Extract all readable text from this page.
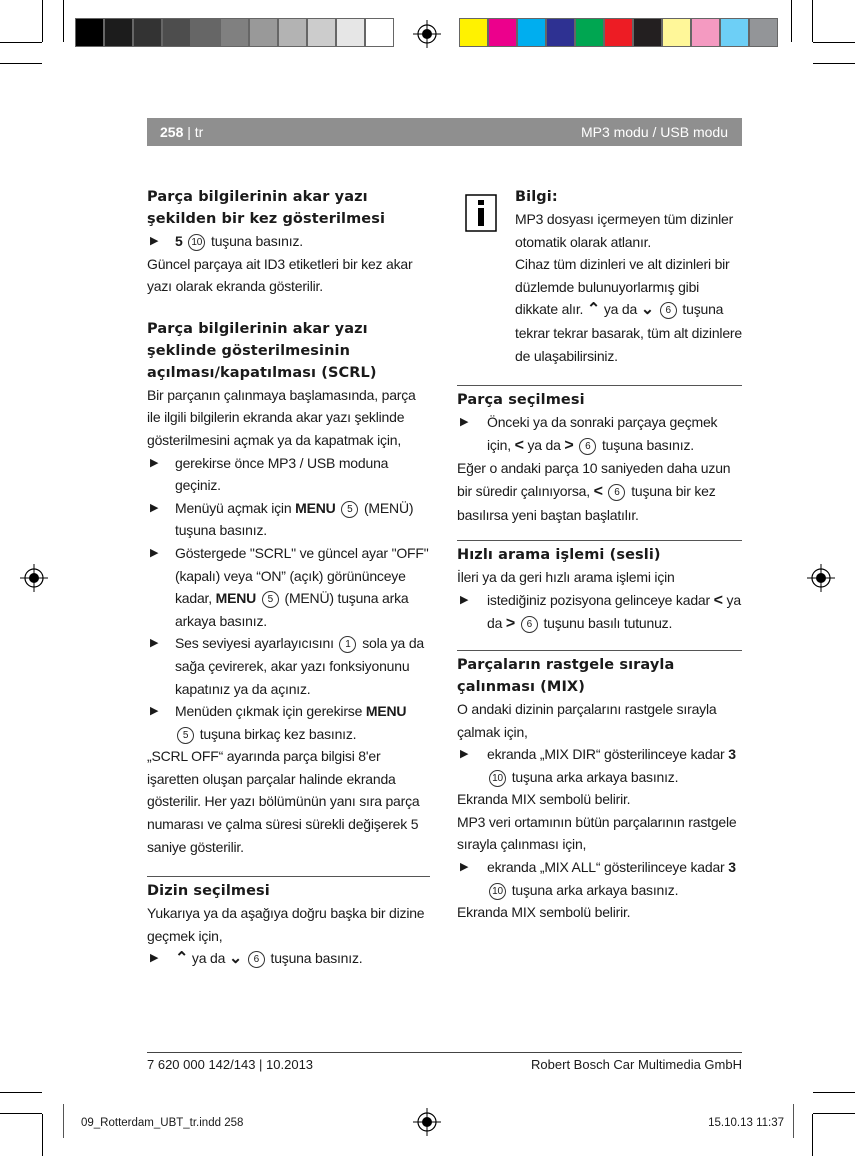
258 | tr	MP3 modu / USB modu
Parça bilgilerinin akar yazı şekilden bir kez gösterilmesi
▶ 5 10 tuşuna basınız.

Güncel parçaya ait ID3 etiketleri bir kez akar yazı olarak ekranda gösterilir.

Parça bilgilerinin akar yazı şeklinde gösterilmesinin açılması/kapatılması (SCRL)

Bir parçanın çalınmaya başlamasında, parça ile ilgili bilgilerin ekranda akar yazı şeklinde gösterilmesini açmak ya da kapatmak için,

▶ gerekirse önce MP3 / USB moduna geçiniz.
▶ Menüyü açmak için MENU 5 (MENÜ) tuşuna basınız.
▶ Göstergede "SCRL" ve güncel ayar "OFF" (kapalı) veya “ON” (açık) görününceye kadar, MENU 5 (MENÜ) tuşuna arka arkaya basınız.
▶ Ses seviyesi ayarlayıcısını 1 sola ya da sağa çevirerek, akar yazı fonksiyonunu kapatınız ya da açınız.
▶ Menüden çıkmak için gerekirse MENU 5 tuşuna birkaç kez basınız.

„SCRL OFF“ ayarında parça bilgisi 8'er işaretten oluşan parçalar halinde ekranda gösterilir. Her yazı bölümünün yanı sıra parça numarası ve çalma süresi sürekli değişerek 5 saniye gösterilir.

Dizin seçilmesi

Yukarıya ya da aşağıya doğru başka bir dizine geçmek için,

▶ ⌃ ya da ⌄ 6 tuşuna basınız.
Bilgi:

MP3 dosyası içermeyen tüm dizinler otomatik olarak atlanır.

Cihaz tüm dizinleri ve alt dizinleri bir düzlemde bulunuyorlarmış gibi dikkate alır. ⌃ ya da ⌄ 6 tuşuna tekrar tekrar basarak, tüm alt dizinlere de ulaşabilirsiniz.

Parça seçilmesi
▶ Önceki ya da sonraki parçaya geçmek için, < ya da > 6 tuşuna basınız.

Eğer o andaki parça 10 saniyeden daha uzun bir süredir çalınıyorsa, < 6 tuşuna bir kez basılırsa yeni baştan başlatılır.

Hızlı arama işlemi (sesli)

İleri ya da geri hızlı arama işlemi için

▶ istediğiniz pozisyona gelinceye kadar < ya da > 6 tuşunu basılı tutunuz.
Parçaların rastgele sırayla çalınması (MIX)

O andaki dizinin parçalarını rastgele sırayla çalmak için,

▶ ekranda „MIX DIR“ gösterilinceye kadar 3 10 tuşuna arka arkaya basınız.

Ekranda MIX sembolü belirir.

MP3 veri ortamının bütün parçalarının rastgele sırayla çalınması için,

▶ ekranda „MIX ALL“ gösterilinceye kadar 3 10 tuşuna arka arkaya basınız.

Ekranda MIX sembolü belirir.

7 620 000 142/143 | 10.2013	Robert Bosch Car Multimedia GmbH
09_Rotterdam_UBT_tr.indd 258	15.10.13 11:37
